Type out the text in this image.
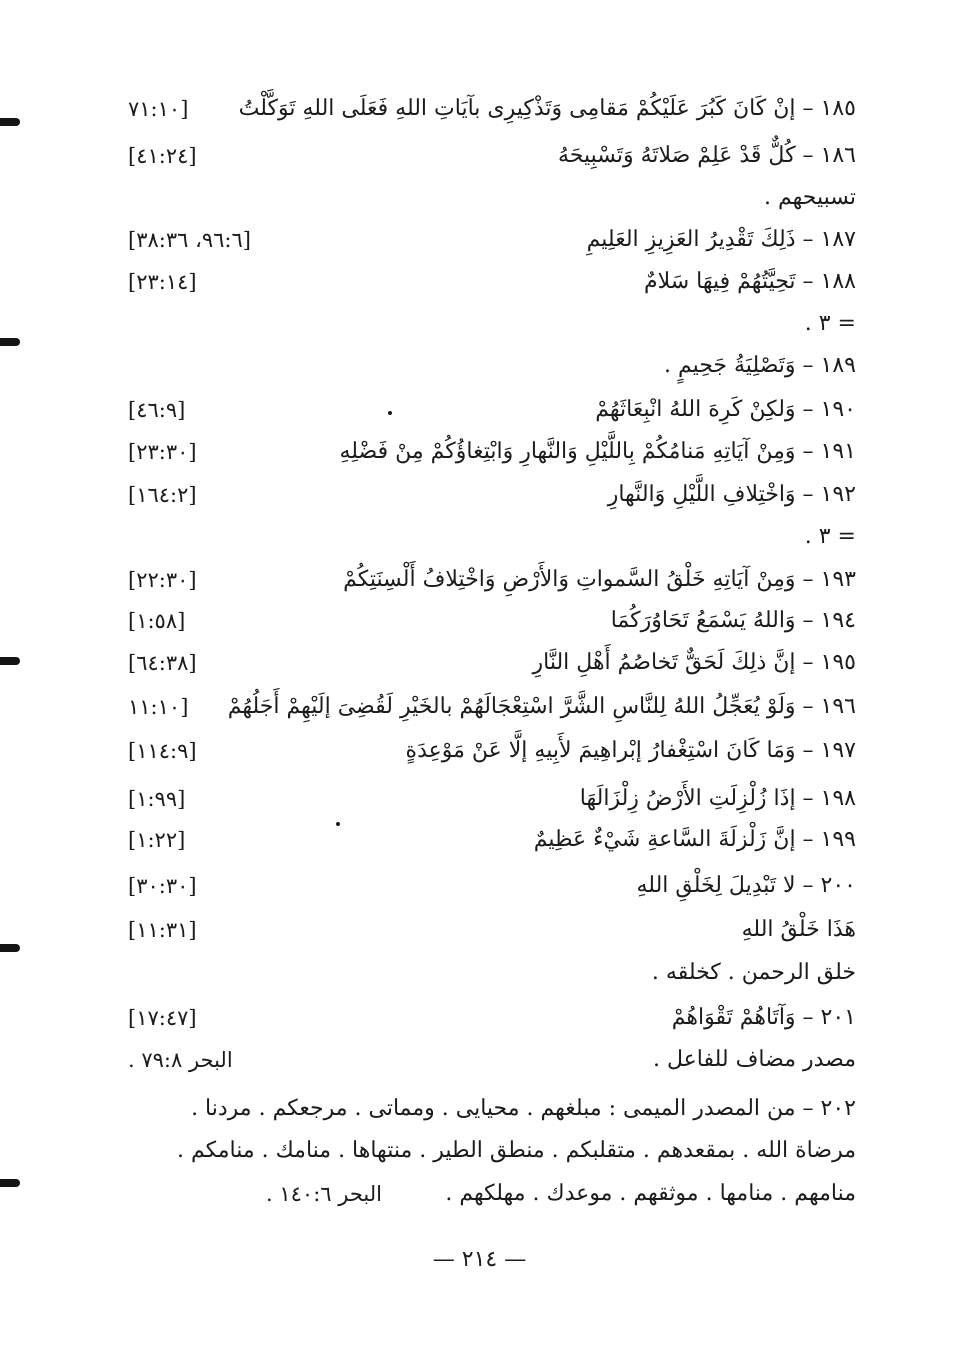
١٨٥ – إنْ كَانَ كَبُرَ عَلَيْكُمْ مَقامِى وَتَذْكِيرِى بآيَاتِ اللهِ فَعَلَى اللهِ تَوَكَّلْتُ
[٧١:١٠
١٨٦ – كُلٌّ قَدْ عَلِمْ صَلاتَهُ وَتَسْبِيحَهُ
[٤١:٢٤]
تسبيحهم .
١٨٧ – ذَلِكَ تَقْدِيرُ العَزِيزِ العَلِيمِ
[٩٦:٦، ٣٨:٣٦]
١٨٨ – تَحِيَّتُهُمْ فِيهَا سَلامٌ
[٢٣:١٤]
= ٣ .
١٨٩ – وَتَصْلِيَةُ جَحِيمٍ .
١٩٠ – وَلكِنْ كَرِهَ اللهُ انْبِعَاثَهُمْ
[٤٦:٩]
١٩١ – وَمِنْ آيَاتِهِ مَنامُكُمْ بِاللَّيْلِ وَالنَّهارِ وَابْتِغاؤُكُمْ مِنْ فَضْلِهِ
[٢٣:٣٠]
١٩٢ – وَاخْتِلافِ اللَّيْلِ وَالنَّهارِ
[١٦٤:٢]
= ٣ .
١٩٣ – وَمِنْ آيَاتِهِ خَلْقُ السَّمواتِ وَالأَرْضِ وَاخْتِلافُ أَلْسِنَتِكُمْ
[٢٢:٣٠]
١٩٤ – وَاللهُ يَسْمَعُ تَحَاوُرَكُمَا
[١:٥٨]
١٩٥ – إنَّ ذلِكَ لَحَقٌّ تَخاصُمُ أَهْلِ النَّارِ
[٦٤:٣٨]
١٩٦ – وَلَوْ يُعَجِّلُ اللهُ لِلنَّاسِ الشَّرَّ اسْتِعْجَالَهُمْ بالخَيْرِ لَقُضِىَ إلَيْهِمْ أَجَلُهُمْ
[١١:١٠
١٩٧ – وَمَا كَانَ اسْتِغْفارُ إبْراهِيمَ لأَبِيهِ إلَّا عَنْ مَوْعِدَةٍ
[١١٤:٩]
١٩٨ – إذَا زُلْزِلَتِ الأَرْضُ زِلْزَالَهَا
[١:٩٩]
١٩٩ – إنَّ زَلْزلَةَ السَّاعةِ شَيْءٌ عَظِيمٌ
[١:٢٢]
٢٠٠ – لا تَبْدِيلَ لِخَلْقِ اللهِ
[٣٠:٣٠]
هَذَا خَلْقُ اللهِ
[١١:٣١]
خلق الرحمن . كخلقه .
٢٠١ – وَآتَاهُمْ تَقْوَاهُمْ
[١٧:٤٧]
مصدر مضاف للفاعل .
البحر ٧٩:٨ .
٢٠٢ – من المصدر الميمى : مبلغهم . محيايى . ومماتى . مرجعكم . مردنا .
مرضاة الله . بمقعدهم . متقلبكم . منطق الطير . منتهاها . منامك . منامكم .
منامهم . منامها . موثقهم . موعدك . مهلكهم .
البحر ١٤٠:٦ .
— ٢١٤ —
